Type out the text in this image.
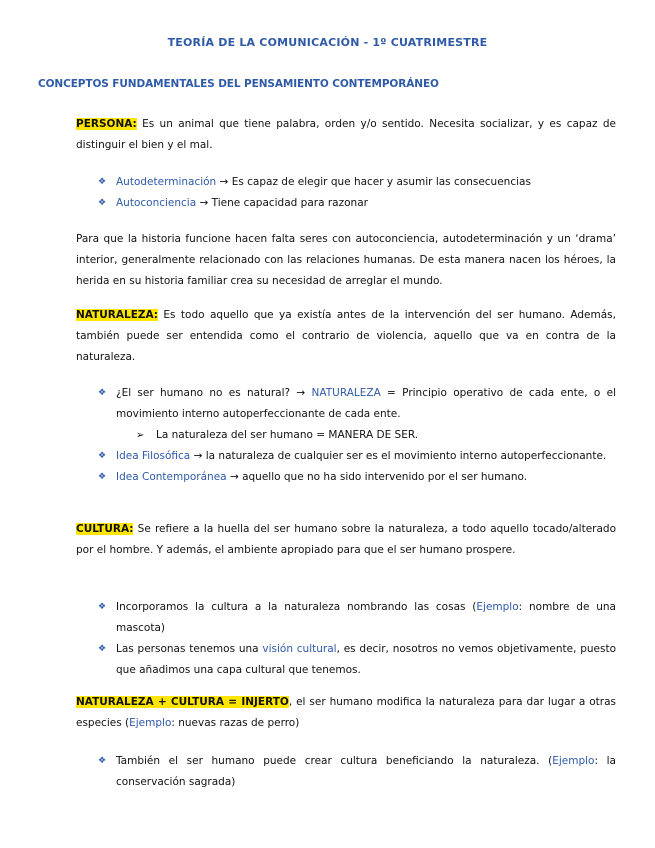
TEORÍA DE LA COMUNICACIÓN - 1º CUATRIMESTRE
CONCEPTOS FUNDAMENTALES DEL PENSAMIENTO CONTEMPORÁNEO
PERSONA: Es un animal que tiene palabra, orden y/o sentido. Necesita socializar, y es capaz de distinguir el bien y el mal.
❖ Autodeterminación → Es capaz de elegir que hacer y asumir las consecuencias
❖ Autoconciencia → Tiene capacidad para razonar
Para que la historia funcione hacen falta seres con autoconciencia, autodeterminación y un ‘drama’ interior, generalmente relacionado con las relaciones humanas. De esta manera nacen los héroes, la herida en su historia familiar crea su necesidad de arreglar el mundo.
NATURALEZA: Es todo aquello que ya existía antes de la intervención del ser humano. Además, también puede ser entendida como el contrario de violencia, aquello que va en contra de la naturaleza.
❖ ¿El ser humano no es natural? → NATURALEZA = Principio operativo de cada ente, o el movimiento interno autoperfeccionante de cada ente.
➢ La naturaleza del ser humano = MANERA DE SER.
❖ Idea Filosófica → la naturaleza de cualquier ser es el movimiento interno autoperfeccionante.
❖ Idea Contemporánea → aquello que no ha sido intervenido por el ser humano.
CULTURA: Se refiere a la huella del ser humano sobre la naturaleza, a todo aquello tocado/alterado por el hombre. Y además, el ambiente apropiado para que el ser humano prospere.
❖ Incorporamos la cultura a la naturaleza nombrando las cosas (Ejemplo: nombre de una mascota)
❖ Las personas tenemos una visión cultural, es decir, nosotros no vemos objetivamente, puesto que añadimos una capa cultural que tenemos.
NATURALEZA + CULTURA = INJERTO, el ser humano modifica la naturaleza para dar lugar a otras especies (Ejemplo: nuevas razas de perro)
❖ También el ser humano puede crear cultura beneficiando la naturaleza. (Ejemplo: la conservación sagrada)
